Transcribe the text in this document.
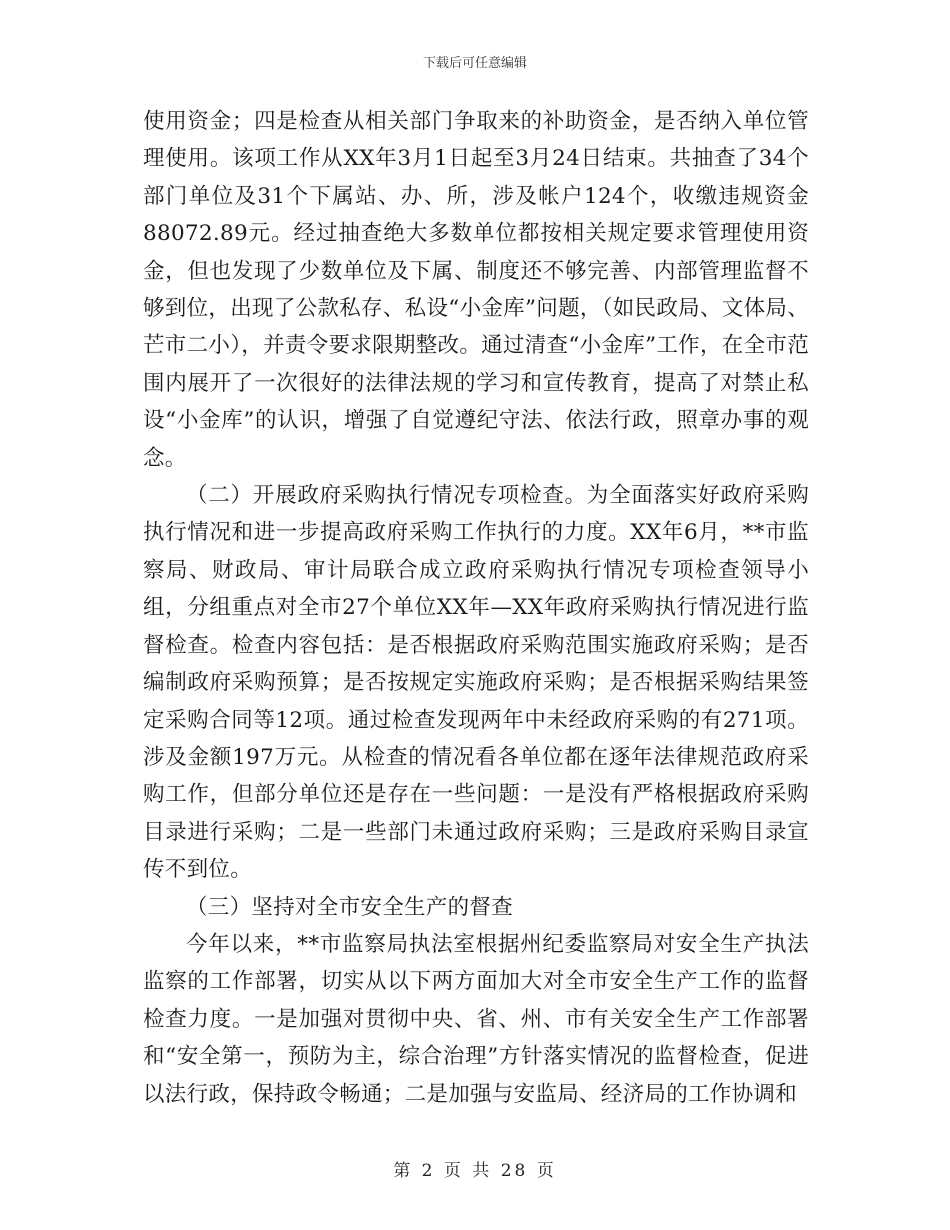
下载后可任意编辑

使用资金；四是检查从相关部门争取来的补助资金，是否纳入单位管理使用。该项工作从XX年3月1日起至3月24日结束。共抽查了34个部门单位及31个下属站、办、所，涉及帐户124个，收缴违规资金88072.89元。经过抽查绝大多数单位都按相关规定要求管理使用资金，但也发现了少数单位及下属、制度还不够完善、内部管理监督不够到位，出现了公款私存、私设“小金库”问题，（如民政局、文体局、芒市二小），并责令要求限期整改。通过清查“小金库”工作，在全市范围内展开了一次很好的法律法规的学习和宣传教育，提高了对禁止私设“小金库”的认识，增强了自觉遵纪守法、依法行政，照章办事的观念。

（二）开展政府采购执行情况专项检查。为全面落实好政府采购执行情况和进一步提高政府采购工作执行的力度。XX年6月，**市监察局、财政局、审计局联合成立政府采购执行情况专项检查领导小组，分组重点对全市27个单位XX年—XX年政府采购执行情况进行监督检查。检查内容包括：是否根据政府采购范围实施政府采购；是否编制政府采购预算；是否按规定实施政府采购；是否根据采购结果签定采购合同等12项。通过检查发现两年中未经政府采购的有271项。涉及金额197万元。从检查的情况看各单位都在逐年法律规范政府采购工作，但部分单位还是存在一些问题：一是没有严格根据政府采购目录进行采购；二是一些部门未通过政府采购；三是政府采购目录宣传不到位。

（三）坚持对全市安全生产的督查

今年以来，**市监察局执法室根据州纪委监察局对安全生产执法监察的工作部署，切实从以下两方面加大对全市安全生产工作的监督检查力度。一是加强对贯彻中央、省、州、市有关安全生产工作部署和“安全第一，预防为主，综合治理”方针落实情况的监督检查，促进以法行政，保持政令畅通；二是加强与安监局、经济局的工作协调和

第 2 页 共 28 页
